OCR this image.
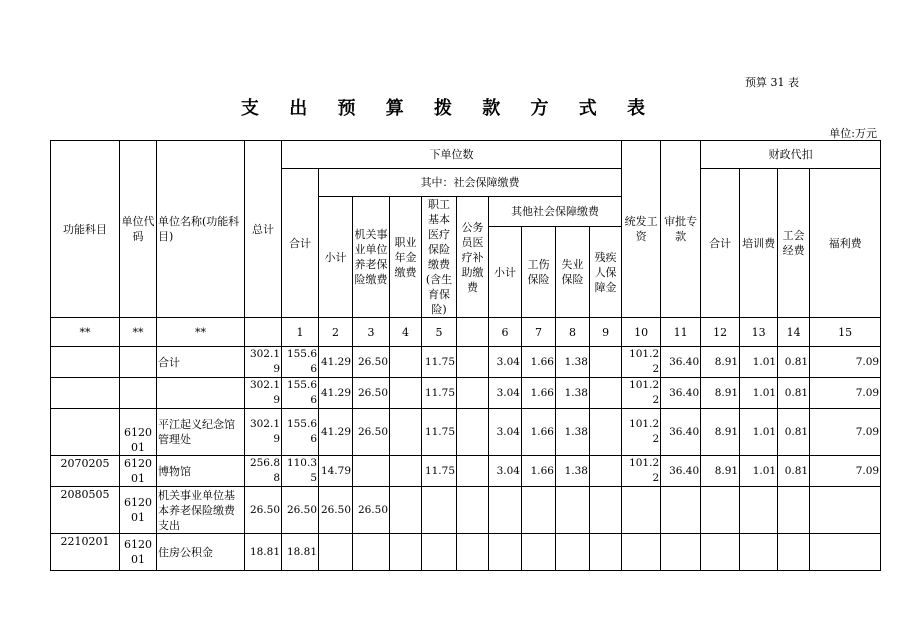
预算 31 表
支 出 预 算 拨 款 方 式 表
单位:万元
功能科目	单位代码	单位名称(功能科目)	总计	下单位数										统发工资	审批专款	财政代扣			
				合计	其中：社会保障缴费											合计	培训费	工会经费	福利费
					小计	机关事业单位养老保险缴费	职业年金缴费	职工基本医疗保险缴费(含生育保险)	公务员医疗补助缴费	其他社会保障缴费									
										小计	工伤保险	失业保险	残疾人保障金						

**	**	**		1	2	3	4	5		6	7	8	9	10	11	12	13	14	15
		合计	302.19	155.66	41.29	26.50		11.75		3.04	1.66	1.38		101.22	36.40	8.91	1.01	0.81	7.09
			302.19	155.66	41.29	26.50		11.75		3.04	1.66	1.38		101.22	36.40	8.91	1.01	0.81	7.09
	612001	平江起义纪念馆管理处	302.19	155.66	41.29	26.50		11.75		3.04	1.66	1.38		101.22	36.40	8.91	1.01	0.81	7.09
2070205	612001	博物馆	256.88	110.35	14.79			11.75		3.04	1.66	1.38		101.22	36.40	8.91	1.01	0.81	7.09
2080505	612001	机关事业单位基本养老保险缴费支出	26.50	26.50	26.50	26.50													
2210201	612001	住房公积金	18.81	18.81															
